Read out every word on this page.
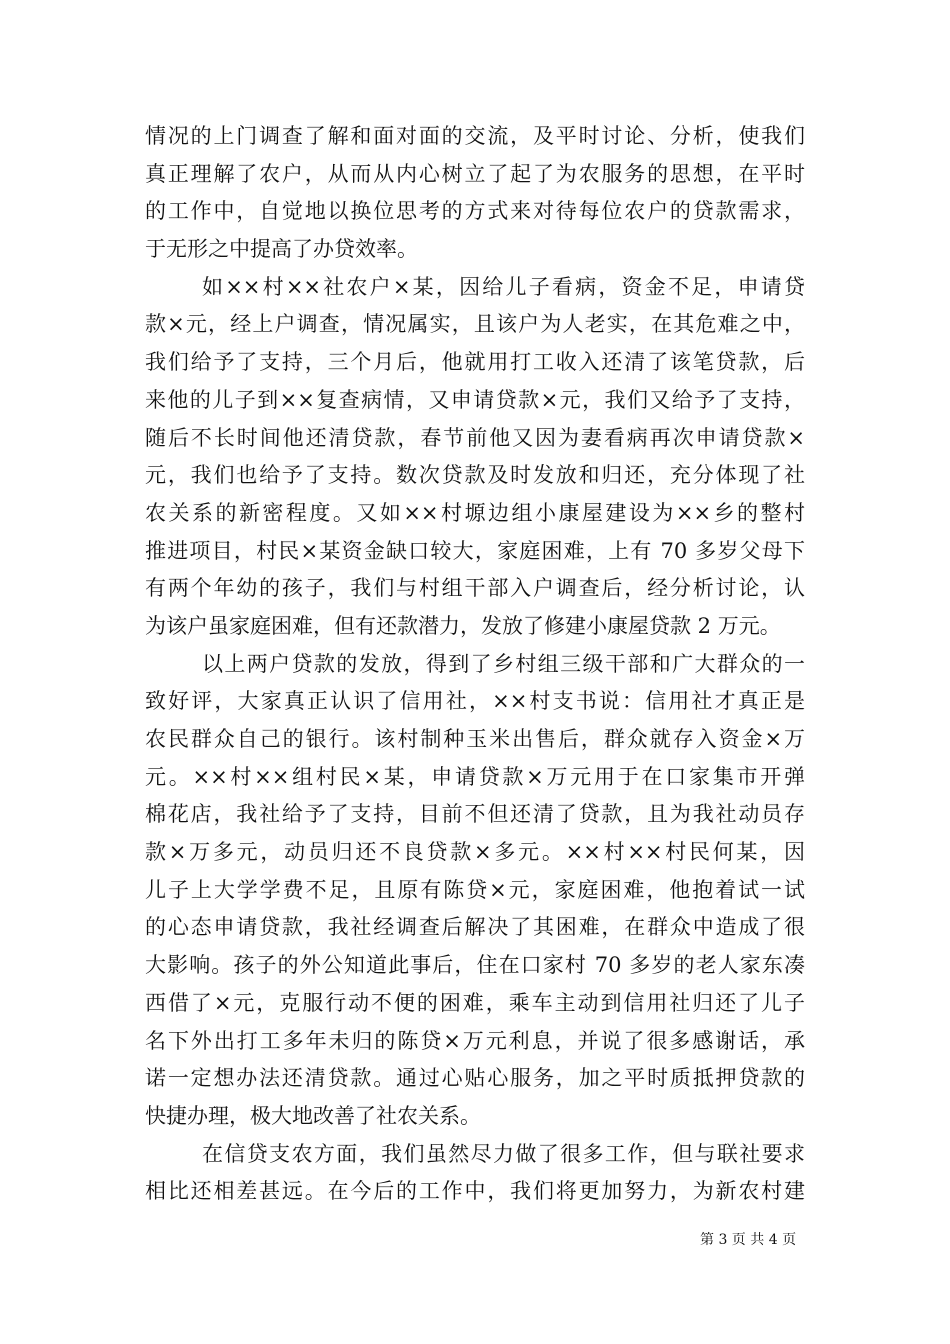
情况的上门调查了解和面对面的交流，及平时讨论、分析，使我们
真正理解了农户，从而从内心树立了起了为农服务的思想，在平时
的工作中，自觉地以换位思考的方式来对待每位农户的贷款需求，
于无形之中提高了办贷效率。
如××村××社农户×某，因给儿子看病，资金不足，申请贷
款×元，经上户调查，情况属实，且该户为人老实，在其危难之中，
我们给予了支持，三个月后，他就用打工收入还清了该笔贷款，后
来他的儿子到××复查病情，又申请贷款×元，我们又给予了支持，
随后不长时间他还清贷款，春节前他又因为妻看病再次申请贷款×
元，我们也给予了支持。数次贷款及时发放和归还，充分体现了社
农关系的新密程度。又如××村塬边组小康屋建设为××乡的整村
推进项目，村民×某资金缺口较大，家庭困难，上有 70 多岁父母下
有两个年幼的孩子，我们与村组干部入户调查后，经分析讨论，认
为该户虽家庭困难，但有还款潜力，发放了修建小康屋贷款 2 万元。
以上两户贷款的发放，得到了乡村组三级干部和广大群众的一
致好评，大家真正认识了信用社，××村支书说：信用社才真正是
农民群众自己的银行。该村制种玉米出售后，群众就存入资金×万
元。××村××组村民×某，申请贷款×万元用于在口家集市开弹
棉花店，我社给予了支持，目前不但还清了贷款，且为我社动员存
款×万多元，动员归还不良贷款×多元。××村××村民何某，因
儿子上大学学费不足，且原有陈贷×元，家庭困难，他抱着试一试
的心态申请贷款，我社经调查后解决了其困难，在群众中造成了很
大影响。孩子的外公知道此事后，住在口家村 70 多岁的老人家东凑
西借了×元，克服行动不便的困难，乘车主动到信用社归还了儿子
名下外出打工多年未归的陈贷×万元利息，并说了很多感谢话，承
诺一定想办法还清贷款。通过心贴心服务，加之平时质抵押贷款的
快捷办理，极大地改善了社农关系。
在信贷支农方面，我们虽然尽力做了很多工作，但与联社要求
相比还相差甚远。在今后的工作中，我们将更加努力，为新农村建
第 3 页 共 4 页
